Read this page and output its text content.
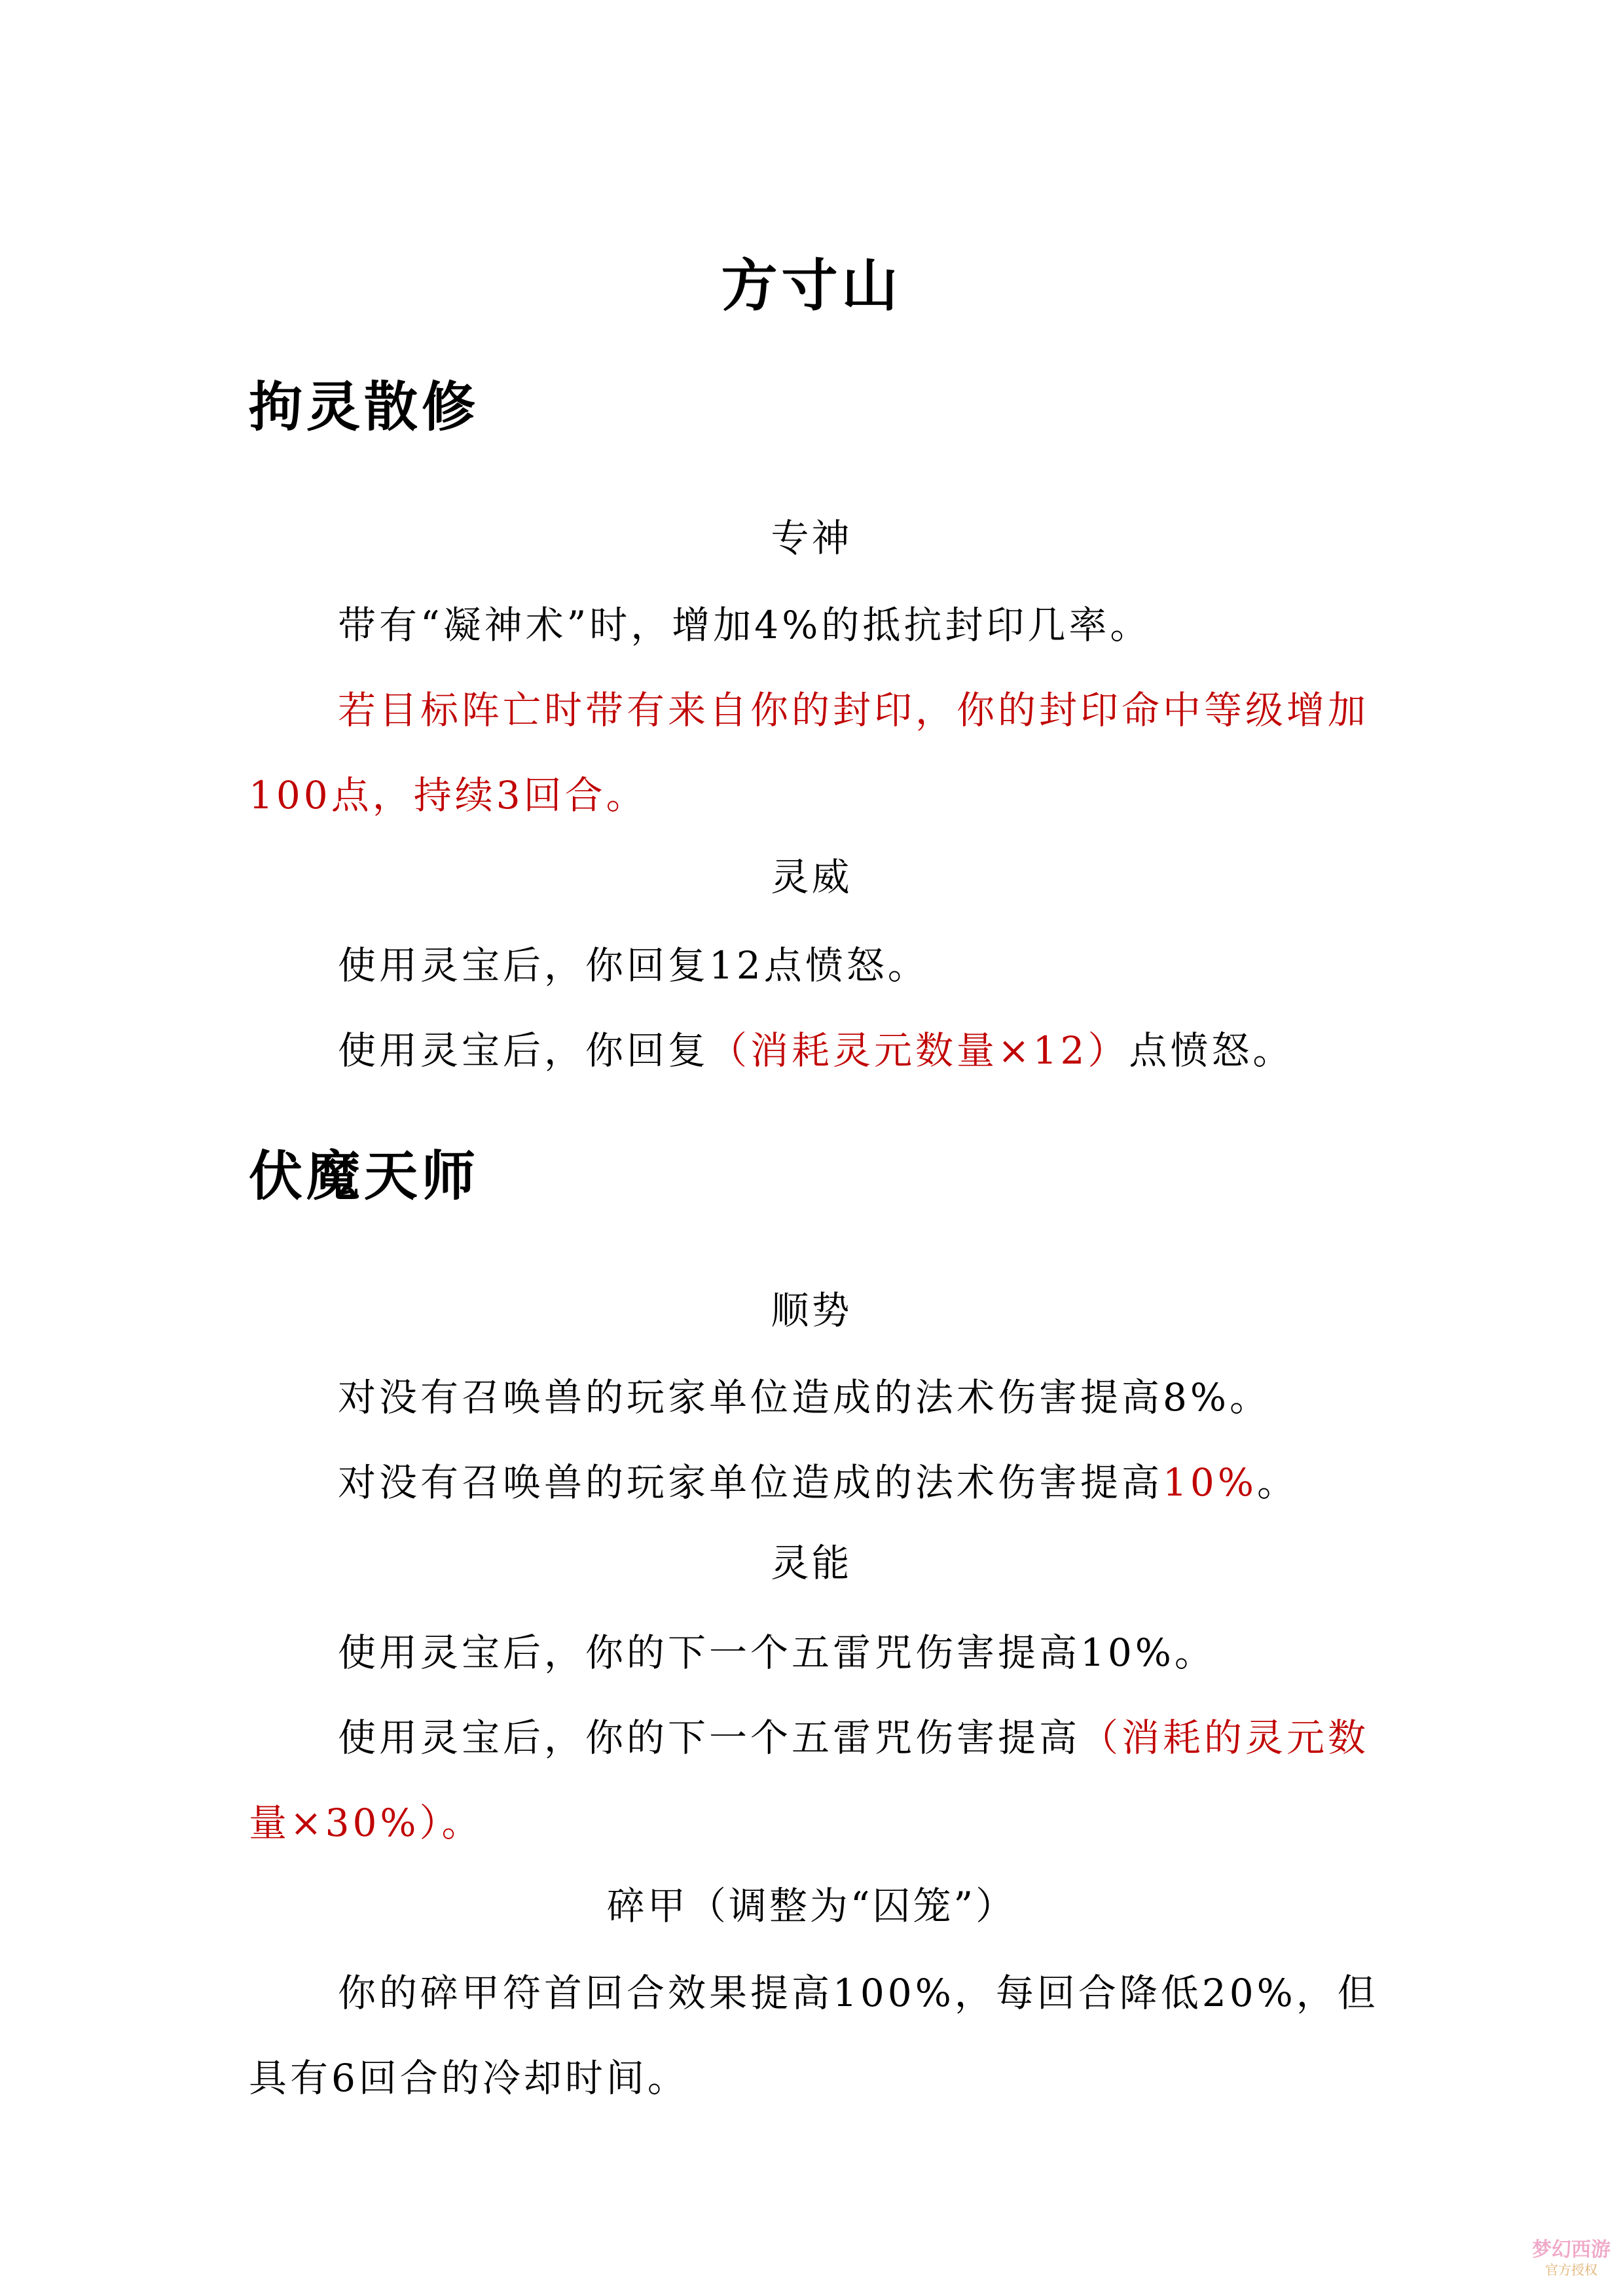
方寸山
拘灵散修
专神
带有“凝神术”时，增加4%的抵抗封印几率。
若目标阵亡时带有来自你的封印，你的封印命中等级增加100点，持续3回合。
灵威
使用灵宝后，你回复12点愤怒。
使用灵宝后，你回复（消耗灵元数量×12）点愤怒。
伏魔天师
顺势
对没有召唤兽的玩家单位造成的法术伤害提高8%。
对没有召唤兽的玩家单位造成的法术伤害提高10%。
灵能
使用灵宝后，你的下一个五雷咒伤害提高10%。
使用灵宝后，你的下一个五雷咒伤害提高（消耗的灵元数量×30%）。
碎甲（调整为“囚笼”）
你的碎甲符首回合效果提高100%，每回合降低20%，但具有6回合的冷却时间。
梦幻西游
官方授权
